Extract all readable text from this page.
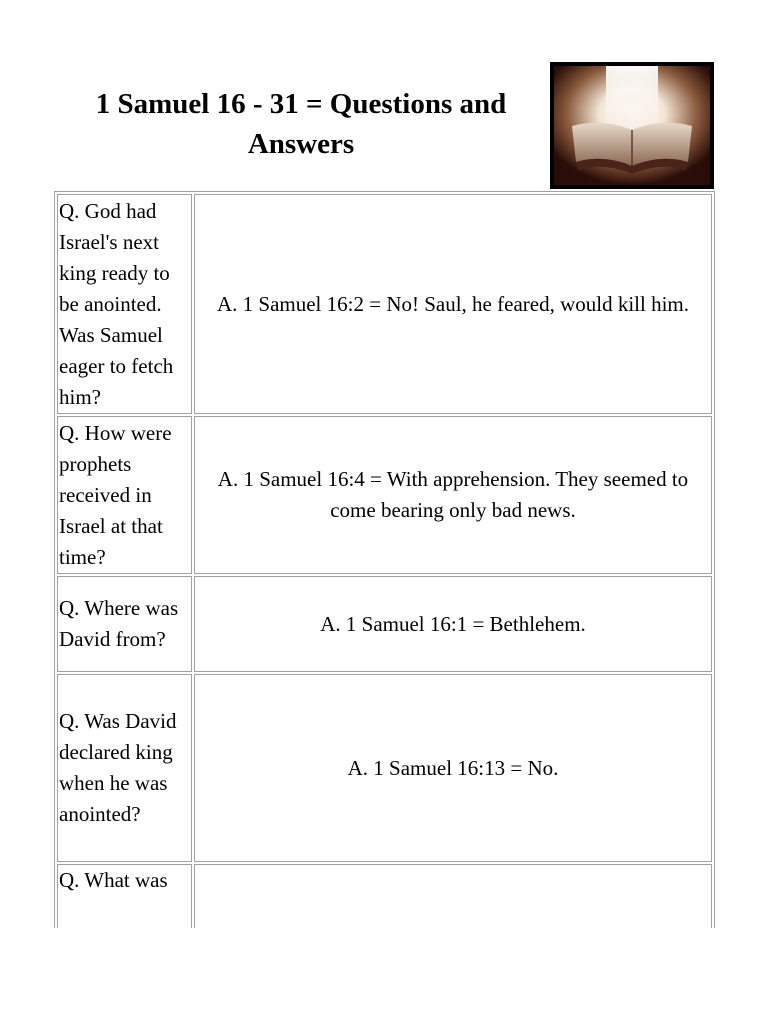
1 Samuel 16 - 31 = Questions and Answers
Q. God had Israel's next king ready to be anointed. Was Samuel eager to fetch him?	A. 1 Samuel 16:2 = No! Saul, he feared, would kill him.
Q. How were prophets received in Israel at that time?	A. 1 Samuel 16:4 = With apprehension. They seemed to come bearing only bad news.
Q. Where was David from?	A. 1 Samuel 16:1 = Bethlehem.
Q. Was David declared king when he was anointed?	A. 1 Samuel 16:13 = No.
Q. What was	
